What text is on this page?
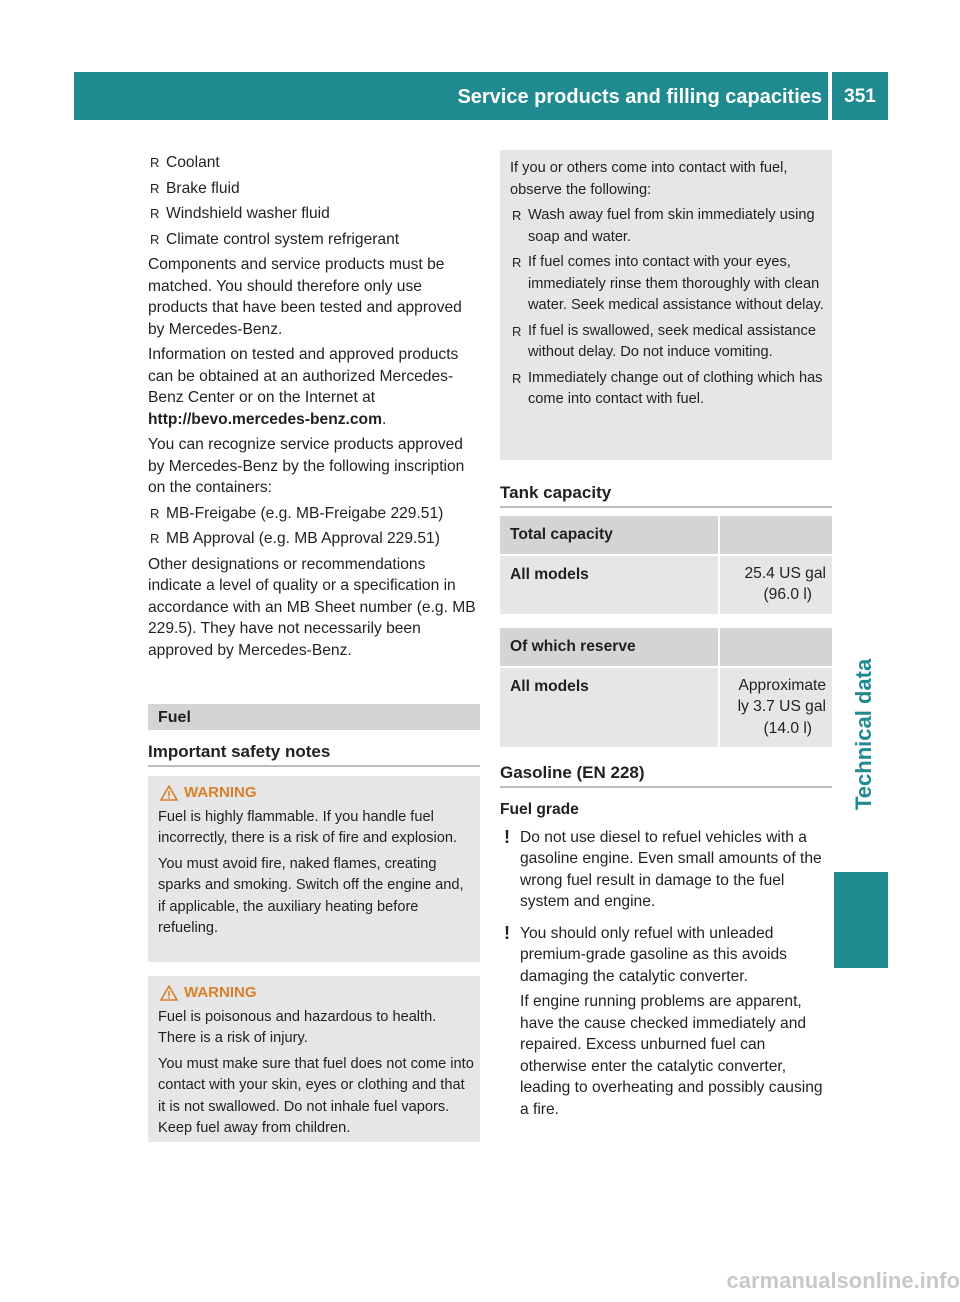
Service products and filling capacities	351
Technical data
R Coolant
R Brake fluid
R Windshield washer fluid
R Climate control system refrigerant

Components and service products must be matched. You should therefore only use products that have been tested and approved by Mercedes-Benz.

Information on tested and approved products can be obtained at an authorized Mercedes-Benz Center or on the Internet at http://bevo.mercedes-benz.com.

You can recognize service products approved by Mercedes-Benz by the following inscription on the containers:

R MB-Freigabe (e.g. MB-Freigabe 229.51)
R MB Approval (e.g. MB Approval 229.51)

Other designations or recommendations indicate a level of quality or a specification in accordance with an MB Sheet number (e.g. MB 229.5). They have not necessarily been approved by Mercedes-Benz.

Fuel
Important safety notes
WARNING

Fuel is highly flammable. If you handle fuel incorrectly, there is a risk of fire and explosion.

You must avoid fire, naked flames, creating sparks and smoking. Switch off the engine and, if applicable, the auxiliary heating before refueling.

WARNING

Fuel is poisonous and hazardous to health. There is a risk of injury.

You must make sure that fuel does not come into contact with your skin, eyes or clothing and that it is not swallowed. Do not inhale fuel vapors. Keep fuel away from children.

If you or others come into contact with fuel, observe the following:

R Wash away fuel from skin immediately using soap and water.
R If fuel comes into contact with your eyes, immediately rinse them thoroughly with clean water. Seek medical assistance without delay.
R If fuel is swallowed, seek medical assistance without delay. Do not induce vomiting.
R Immediately change out of clothing which has come into contact with fuel.
Tank capacity
Total capacity
All models	25.4 US gal
(96.0 l)
Of which reserve
All models	Approximate
ly 3.7 US gal
(14.0 l)
Gasoline (EN 228)

Fuel grade

! Do not use diesel to refuel vehicles with a gasoline engine. Even small amounts of the wrong fuel result in damage to the fuel system and engine.
! You should only refuel with unleaded premium-grade gasoline as this avoids damaging the catalytic converter.
If engine running problems are apparent, have the cause checked immediately and repaired. Excess unburned fuel can otherwise enter the catalytic converter, leading to overheating and possibly causing a fire.
carmanualsonline.info
